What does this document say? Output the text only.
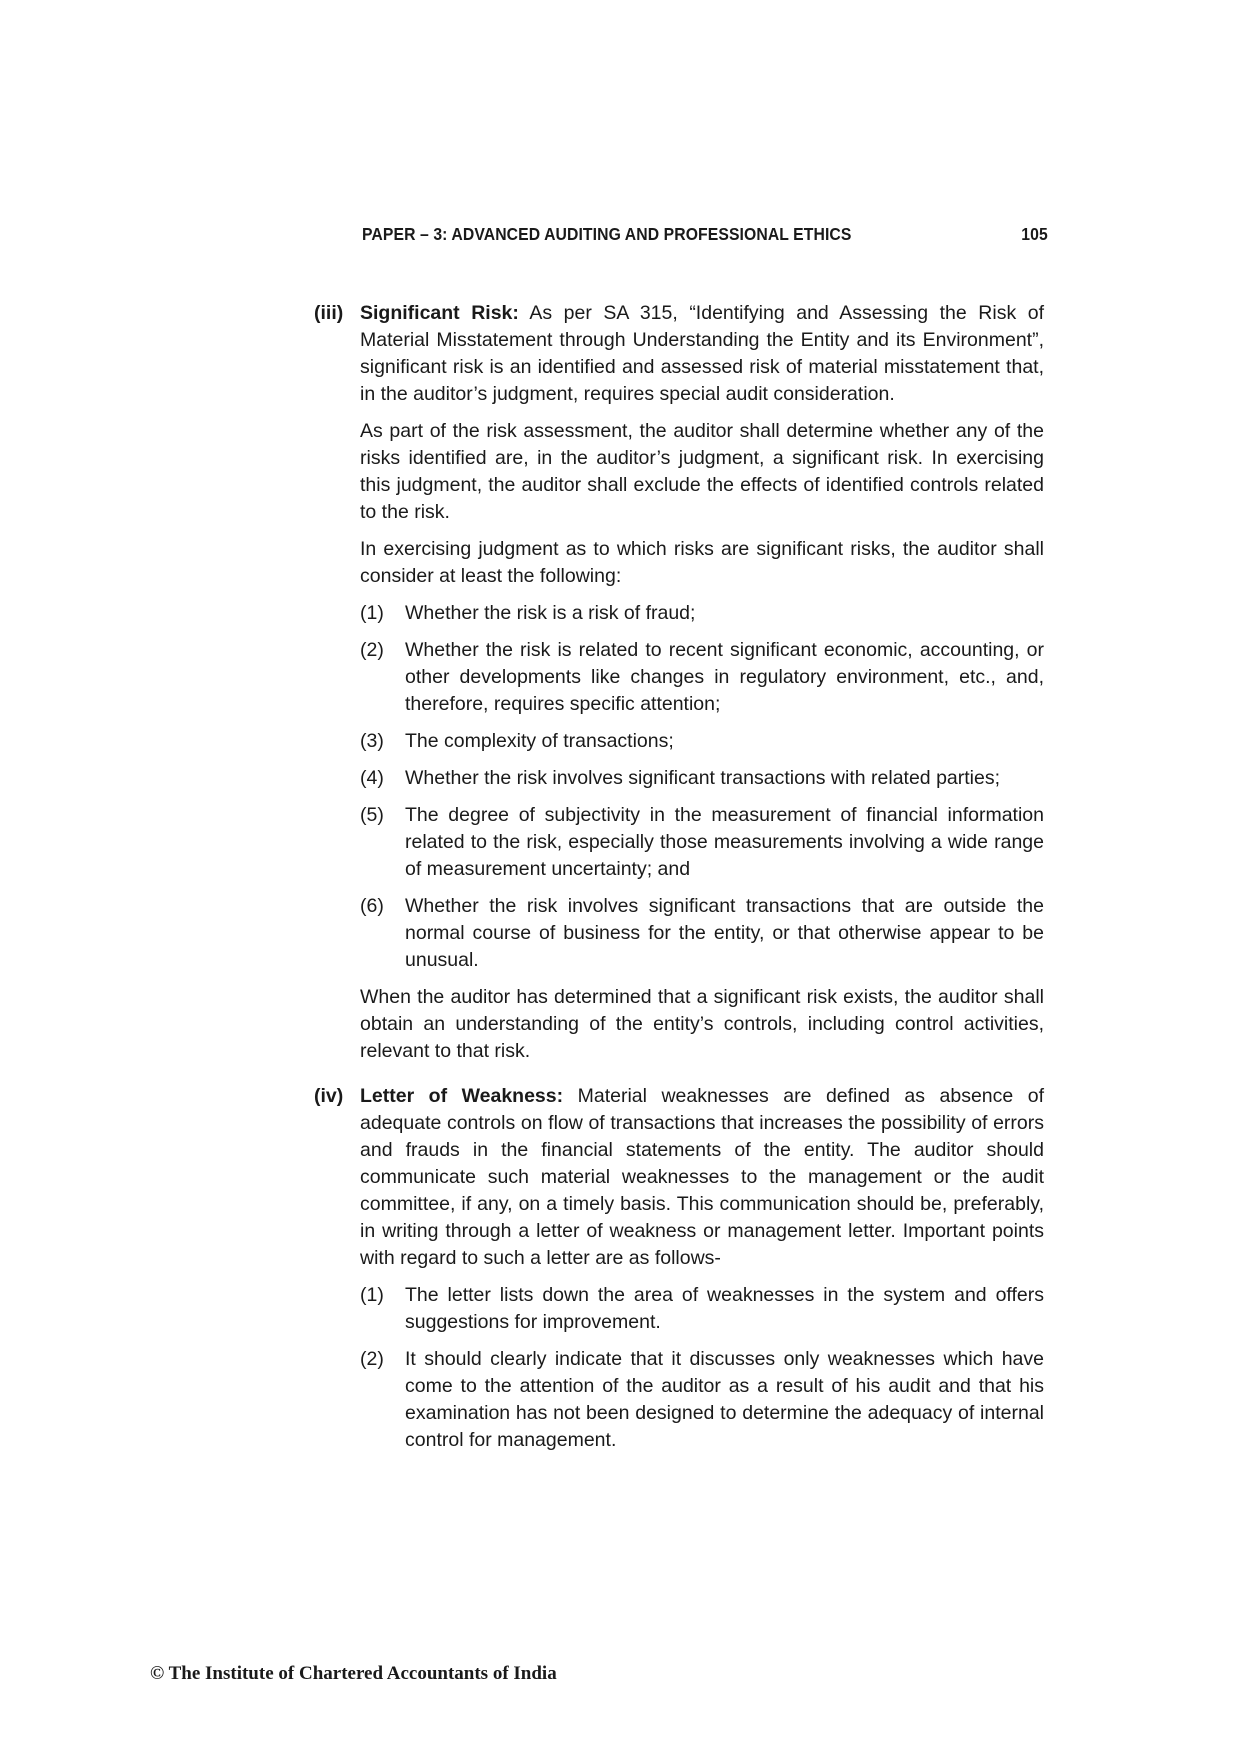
PAPER – 3: ADVANCED AUDITING AND PROFESSIONAL ETHICS	105
(iii) Significant Risk: As per SA 315, “Identifying and Assessing the Risk of Material Misstatement through Understanding the Entity and its Environment”, significant risk is an identified and assessed risk of material misstatement that, in the auditor’s judgment, requires special audit consideration.

As part of the risk assessment, the auditor shall determine whether any of the risks identified are, in the auditor’s judgment, a significant risk. In exercising this judgment, the auditor shall exclude the effects of identified controls related to the risk.

In exercising judgment as to which risks are significant risks, the auditor shall consider at least the following:

(1)	Whether the risk is a risk of fraud;
(2)	Whether the risk is related to recent significant economic, accounting, or other developments like changes in regulatory environment, etc., and, therefore, requires specific attention;
(3)	The complexity of transactions;
(4)	Whether the risk involves significant transactions with related parties;
(5)	The degree of subjectivity in the measurement of financial information related to the risk, especially those measurements involving a wide range of measurement uncertainty; and
(6)	Whether the risk involves significant transactions that are outside the normal course of business for the entity, or that otherwise appear to be unusual.

When the auditor has determined that a significant risk exists, the auditor shall obtain an understanding of the entity’s controls, including control activities, relevant to that risk.

(iv) Letter of Weakness: Material weaknesses are defined as absence of adequate controls on flow of transactions that increases the possibility of errors and frauds in the financial statements of the entity. The auditor should communicate such material weaknesses to the management or the audit committee, if any, on a timely basis. This communication should be, preferably, in writing through a letter of weakness or management letter. Important points with regard to such a letter are as follows-

(1)	The letter lists down the area of weaknesses in the system and offers suggestions for improvement.
(2)	It should clearly indicate that it discusses only weaknesses which have come to the attention of the auditor as a result of his audit and that his examination has not been designed to determine the adequacy of internal control for management.
© The Institute of Chartered Accountants of India
